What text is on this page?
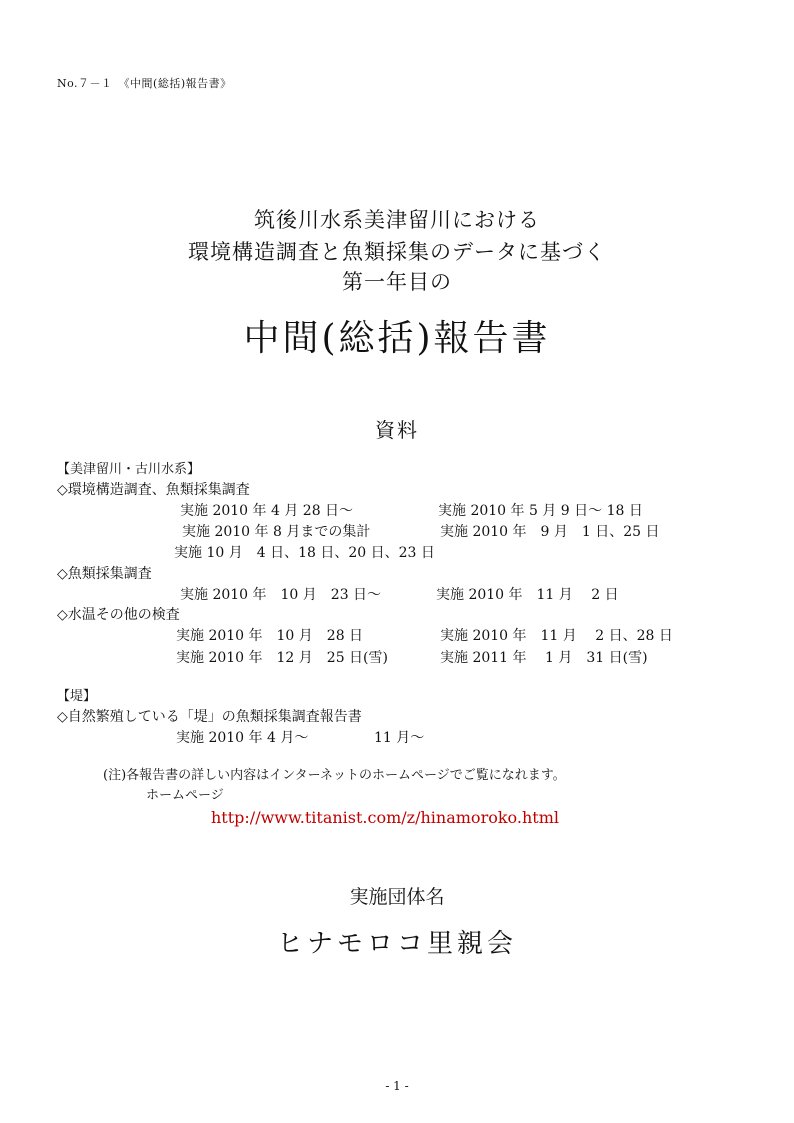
No.７－１　《中間(総括)報告書》
筑後川水系美津留川における
環境構造調査と魚類採集のデータに基づく
第一年目の
中間(総括)報告書
資料
【美津留川・古川水系】
◇環境構造調査、魚類採集調査
実施 2010 年 4 月 28 日～	実施 2010 年 5 月 9 日～ 18 日
実施 2010 年 8 月までの集計	実施 2010 年　9 月　1 日、25 日
実施 10 月　4 日、18 日、20 日、23 日
◇魚類採集調査
実施 2010 年　10 月　23 日～	実施 2010 年　11 月　 2 日
◇水温その他の検査
実施 2010 年　10 月　28 日	実施 2010 年　11 月　 2 日、28 日
実施 2010 年　12 月　25 日(雪)	実施 2011 年　 1 月　31 日(雪)
【堤】
◇自然繁殖している「堤」の魚類採集調査報告書
実施 2010 年 4 月～	11 月～
(注)各報告書の詳しい内容はインターネットのホームページでご覧になれます。
ホームページ
http://www.titanist.com/z/hinamoroko.html
実施団体名
ヒナモロコ里親会
- 1 -
